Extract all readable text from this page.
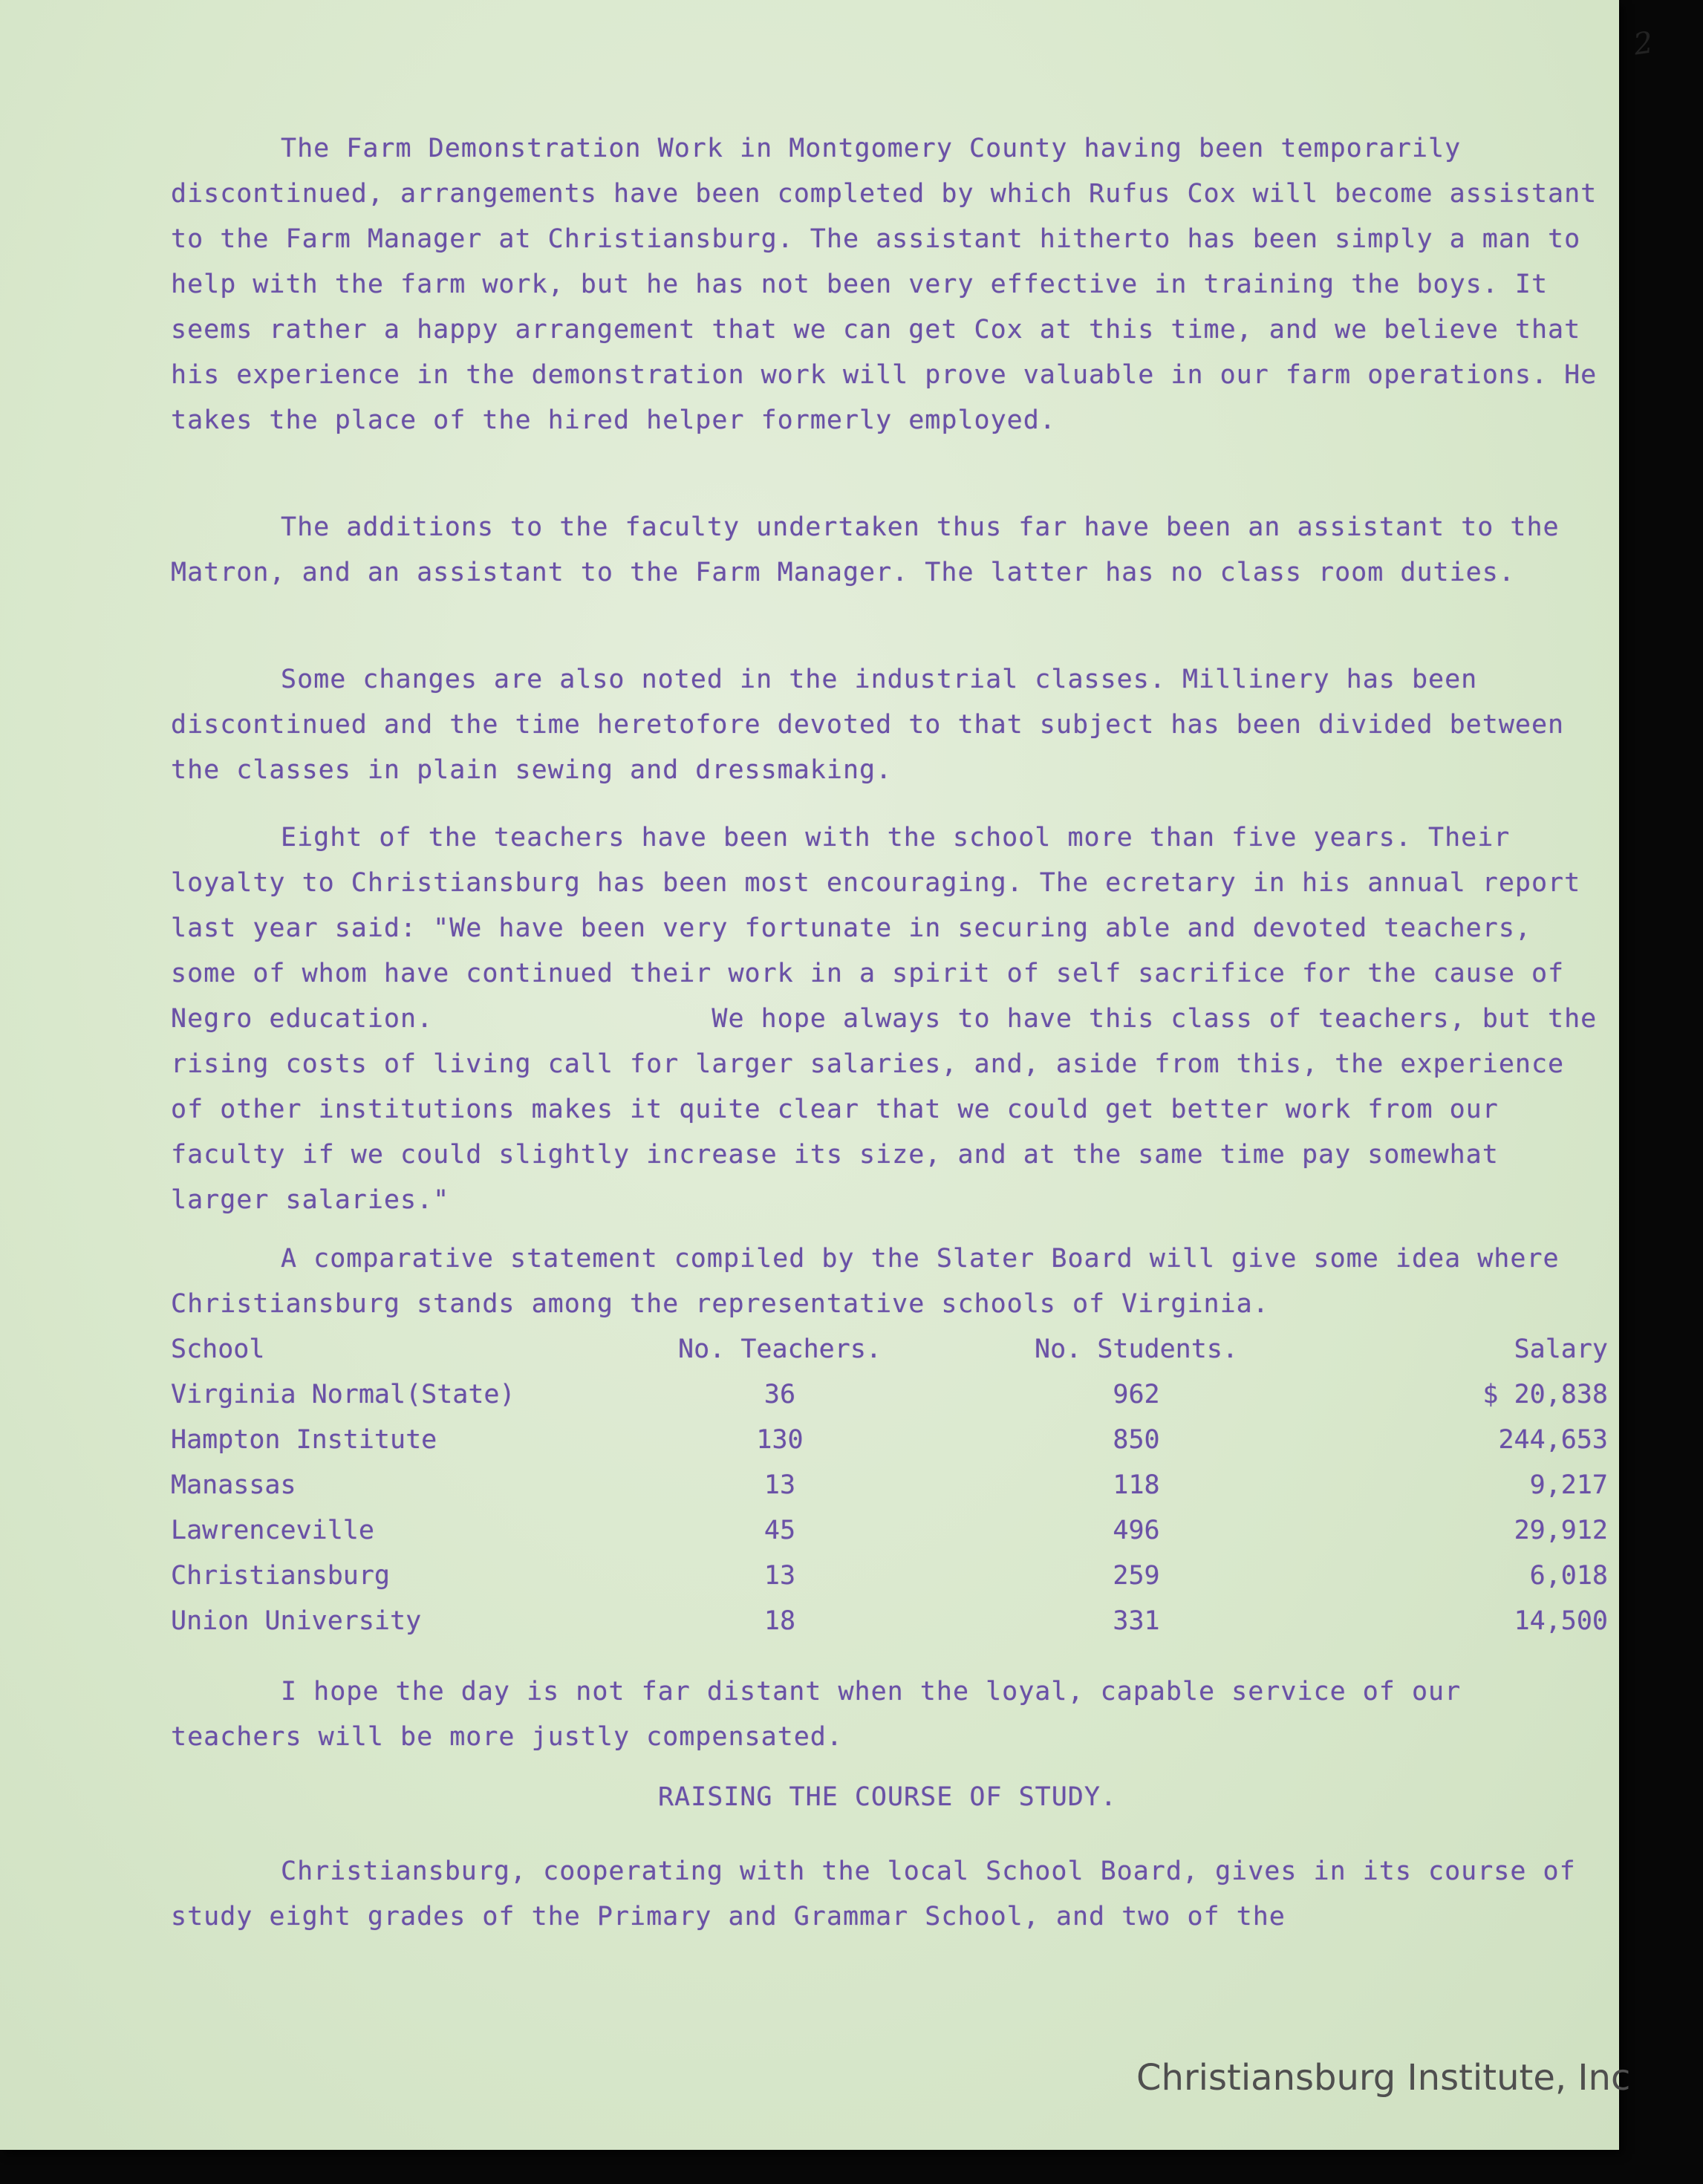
2

The Farm Demonstration Work in Montgomery County having been temporarily discontinued, arrangements have been completed by which Rufus Cox will become assistant to the Farm Manager at Christiansburg. The assistant hitherto has been simply a man to help with the farm work, but he has not been very effective in training the boys. It seems rather a happy arrangement that we can get Cox at this time, and we believe that his experience in the demonstration work will prove valuable in our farm operations. He takes the place of the hired helper formerly employed.

The additions to the faculty undertaken thus far have been an assistant to the Matron, and an assistant to the Farm Manager. The latter has no class room duties.

Some changes are also noted in the industrial classes. Millinery has been discontinued and the time heretofore devoted to that subject has been divided between the classes in plain sewing and dressmaking.

Eight of the teachers have been with the school more than five years. Their loyalty to Christiansburg has been most encouraging. The ecretary in his annual report last year said: "We have been very fortunate in securing able and devoted teachers, some of whom have continued their work in a spirit of self sacrifice for the cause of Negro education.                 We hope always to have this class of teachers, but the rising costs of living call for larger salaries, and, aside from this, the experience of other institutions makes it quite clear that we could get better work from our faculty if we could slightly increase its size, and at the same time pay somewhat larger salaries."

A comparative statement compiled by the Slater Board will give some idea where Christiansburg stands among the representative schools of Virginia.

School	No. Teachers.	No. Students.	Salary
Virginia Normal(State)	36	962	$ 20,838
Hampton Institute	130	850	244,653
Manassas	13	118	9,217
Lawrenceville	45	496	29,912
Christiansburg	13	259	6,018
Union University	18	331	14,500

I hope the day is not far distant when the loyal, capable service of our teachers will be more justly compensated.

RAISING THE COURSE OF STUDY.

Christiansburg, cooperating with the local School Board, gives in its course of study eight grades of the Primary and Grammar School, and two of the

Christiansburg Institute, Inc
